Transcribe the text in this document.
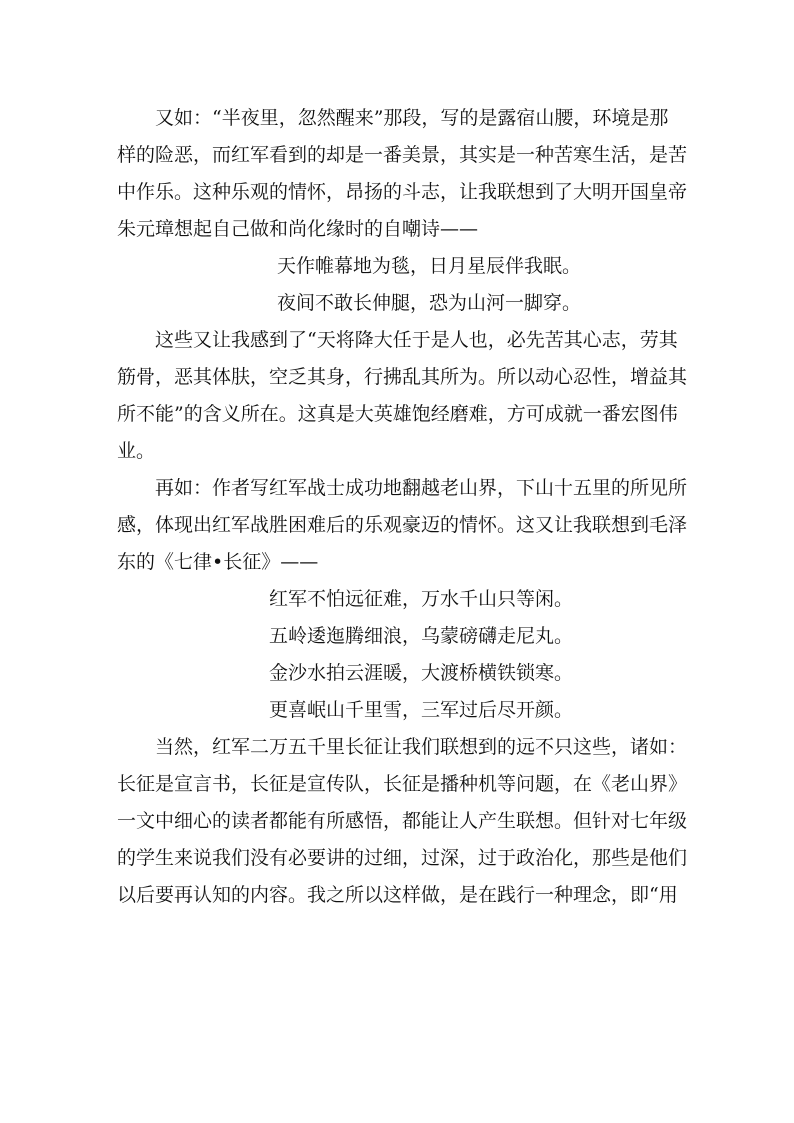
又如：“半夜里，忽然醒来”那段，写的是露宿山腰，环境是那
样的险恶，而红军看到的却是一番美景，其实是一种苦寒生活，是苦
中作乐。这种乐观的情怀，昂扬的斗志，让我联想到了大明开国皇帝
朱元璋想起自己做和尚化缘时的自嘲诗——
天作帷幕地为毯，日月星辰伴我眠。
夜间不敢长伸腿，恐为山河一脚穿。
这些又让我感到了“天将降大任于是人也，必先苦其心志，劳其
筋骨，恶其体肤，空乏其身，行拂乱其所为。所以动心忍性，增益其
所不能”的含义所在。这真是大英雄饱经磨难，方可成就一番宏图伟
业。
再如：作者写红军战士成功地翻越老山界，下山十五里的所见所
感，体现出红军战胜困难后的乐观豪迈的情怀。这又让我联想到毛泽
东的《七律•长征》——
红军不怕远征难，万水千山只等闲。
五岭逶迤腾细浪，乌蒙磅礴走尼丸。
金沙水拍云涯暖，大渡桥横铁锁寒。
更喜岷山千里雪，三军过后尽开颜。
当然，红军二万五千里长征让我们联想到的远不只这些，诸如：
长征是宣言书，长征是宣传队，长征是播种机等问题，在《老山界》
一文中细心的读者都能有所感悟，都能让人产生联想。但针对七年级
的学生来说我们没有必要讲的过细，过深，过于政治化，那些是他们
以后要再认知的内容。我之所以这样做，是在践行一种理念，即“用
